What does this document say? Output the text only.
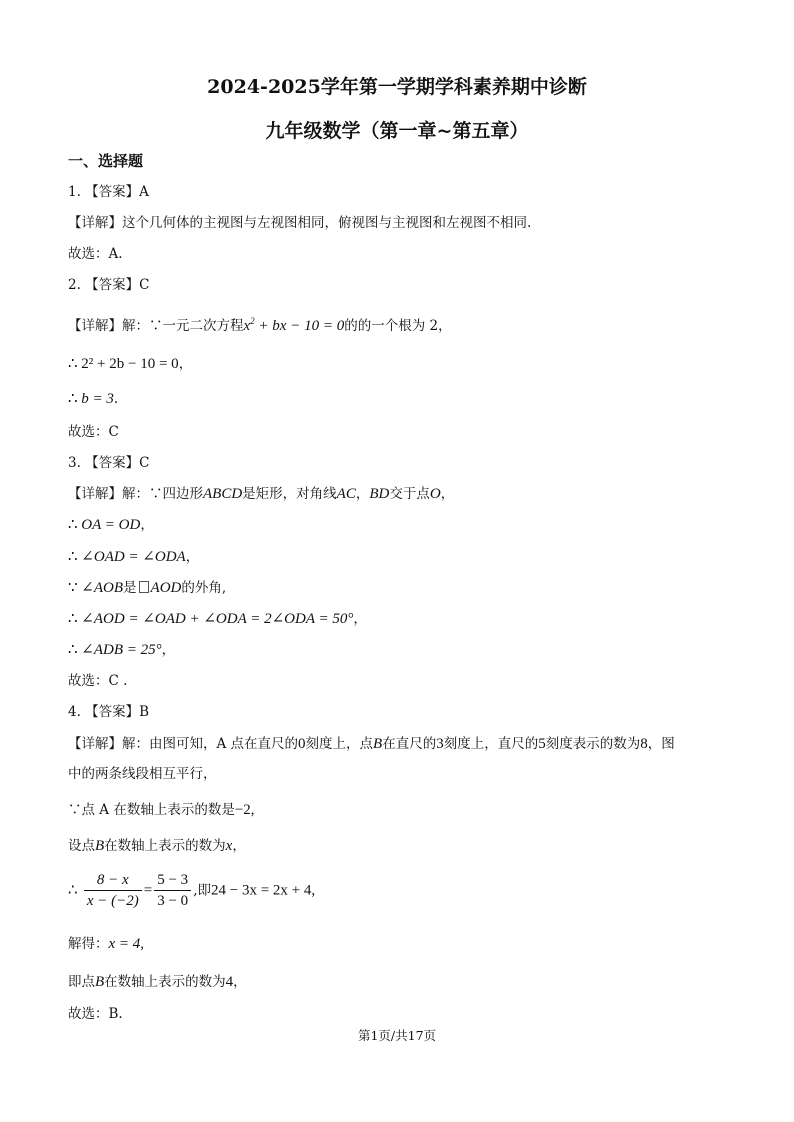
2024-2025学年第一学期学科素养期中诊断
九年级数学（第一章~第五章）
一、选择题
1. 【答案】A
【详解】这个几何体的主视图与左视图相同，俯视图与主视图和左视图不相同.
故选：A.
2. 【答案】C
【详解】解：∵一元二次方程$x^2$ + bx − 10 = 0的的一个根为 2，
∴ 2² + 2b − 10 = 0，
∴ b = 3.
故选：C
3. 【答案】C
【详解】解：∵四边形ABCD是矩形，对角线AC，BD交于点O，
∴ OA = OD，
∴ ∠OAD = ∠ODA，
∵ ∠AOB是 AOD的外角,
∴ ∠AOD = ∠OAD + ∠ODA = 2∠ODA = 50°，
∴ ∠ADB = 25°，
故选：C .
4. 【答案】B
【详解】解：由图可知，A 点在直尺的0刻度上，点B在直尺的3刻度上，直尺的5刻度表示的数为8，图
中的两条线段相互平行，
∵点 A 在数轴上表示的数是−2,
设点B在数轴上表示的数为x，
∴ $\frac{8 - x}{x - (-2)} = \frac{5 - 3}{3 - 0}$ ,即24 − 3x = 2x + 4,
解得：x = 4,
即点B在数轴上表示的数为4，
故选：B.
第1页/共17页
